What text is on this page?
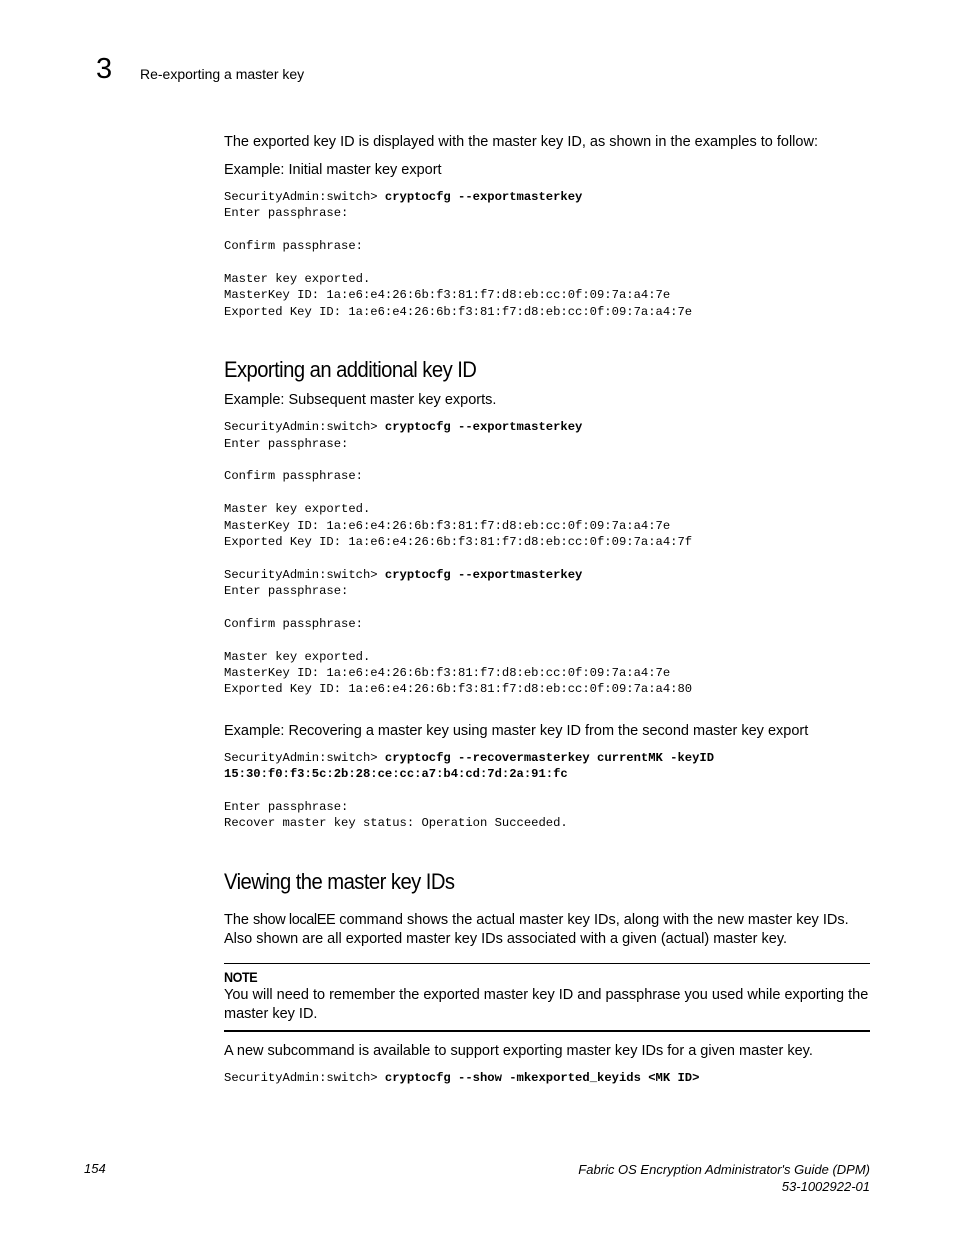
3 Re-exporting a master key

The exported key ID is displayed with the master key ID, as shown in the examples to follow:

Example: Initial master key export

SecurityAdmin:switch> cryptocfg --exportmasterkey
Enter passphrase:

Confirm passphrase:

Master key exported.
MasterKey ID: 1a:e6:e4:26:6b:f3:81:f7:d8:eb:cc:0f:09:7a:a4:7e
Exported Key ID: 1a:e6:e4:26:6b:f3:81:f7:d8:eb:cc:0f:09:7a:a4:7e
Exporting an additional key ID

Example: Subsequent master key exports.

SecurityAdmin:switch> cryptocfg --exportmasterkey
Enter passphrase:

Confirm passphrase:

Master key exported.
MasterKey ID: 1a:e6:e4:26:6b:f3:81:f7:d8:eb:cc:0f:09:7a:a4:7e
Exported Key ID: 1a:e6:e4:26:6b:f3:81:f7:d8:eb:cc:0f:09:7a:a4:7f
SecurityAdmin:switch> cryptocfg --exportmasterkey
Enter passphrase:

Confirm passphrase:

Master key exported.
MasterKey ID: 1a:e6:e4:26:6b:f3:81:f7:d8:eb:cc:0f:09:7a:a4:7e
Exported Key ID: 1a:e6:e4:26:6b:f3:81:f7:d8:eb:cc:0f:09:7a:a4:80

Example: Recovering a master key using master key ID from the second master key export

SecurityAdmin:switch> cryptocfg --recovermasterkey currentMK -keyID
15:30:f0:f3:5c:2b:28:ce:cc:a7:b4:cd:7d:2a:91:fc

Enter passphrase:
Recover master key status: Operation Succeeded.
Viewing the master key IDs

The show localEE command shows the actual master key IDs, along with the new master key IDs. Also shown are all exported master key IDs associated with a given (actual) master key.

NOTE

You will need to remember the exported master key ID and passphrase you used while exporting the master key ID.

A new subcommand is available to support exporting master key IDs for a given master key.

SecurityAdmin:switch> cryptocfg --show -mkexported_keyids <MK ID>
154	Fabric OS Encryption Administrator's Guide (DPM)
53-1002922-01
